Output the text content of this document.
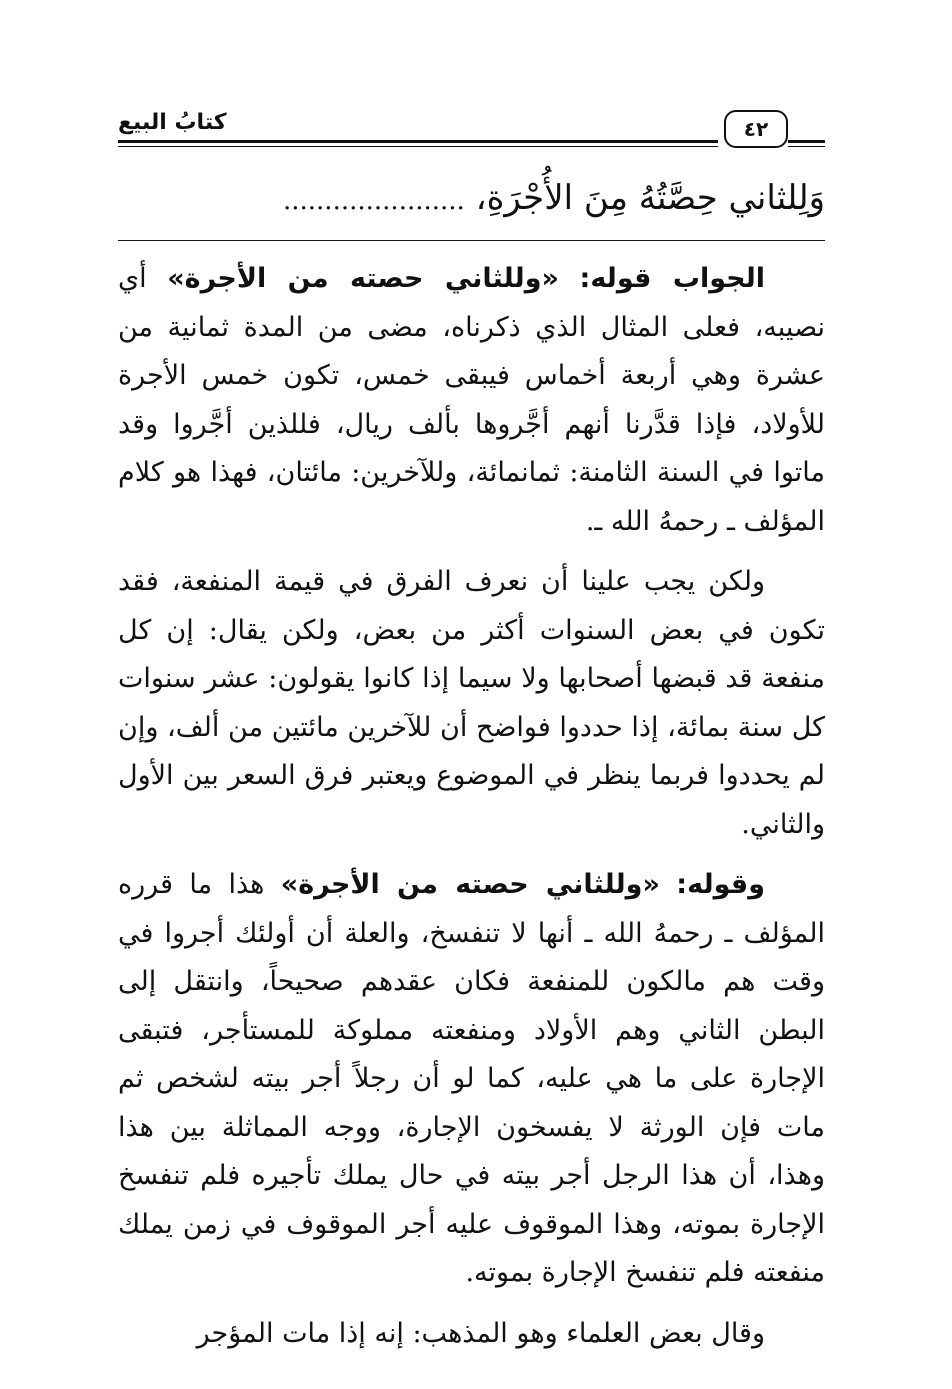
كتابُ البيع	٤٢
وَلِلثاني حِصَّتُهُ مِنَ الأُجْرَةِ، ......................

الجواب قوله: «وللثاني حصته من الأجرة» أي نصيبه، فعلى المثال الذي ذكرناه، مضى من المدة ثمانية من عشرة وهي أربعة أخماس فيبقى خمس، تكون خمس الأجرة للأولاد، فإذا قدَّرنا أنهم أجَّروها بألف ريال، فللذين أجَّروا وقد ماتوا في السنة الثامنة: ثمانمائة، وللآخرين: مائتان، فهذا هو كلام المؤلف ـ رحمهُ الله ـ.

ولكن يجب علينا أن نعرف الفرق في قيمة المنفعة، فقد تكون في بعض السنوات أكثر من بعض، ولكن يقال: إن كل منفعة قد قبضها أصحابها ولا سيما إذا كانوا يقولون: عشر سنوات كل سنة بمائة، إذا حددوا فواضح أن للآخرين مائتين من ألف، وإن لم يحددوا فربما ينظر في الموضوع ويعتبر فرق السعر بين الأول والثاني.

وقوله: «وللثاني حصته من الأجرة» هذا ما قرره المؤلف ـ رحمهُ الله ـ أنها لا تنفسخ، والعلة أن أولئك أجروا في وقت هم مالكون للمنفعة فكان عقدهم صحيحاً، وانتقل إلى البطن الثاني وهم الأولاد ومنفعته مملوكة للمستأجر، فتبقى الإجارة على ما هي عليه، كما لو أن رجلاً أجر بيته لشخص ثم مات فإن الورثة لا يفسخون الإجارة، ووجه المماثلة بين هذا وهذا، أن هذا الرجل أجر بيته في حال يملك تأجيره فلم تنفسخ الإجارة بموته، وهذا الموقوف عليه أجر الموقوف في زمن يملك منفعته فلم تنفسخ الإجارة بموته.

وقال بعض العلماء وهو المذهب: إنه إذا مات المؤجر
